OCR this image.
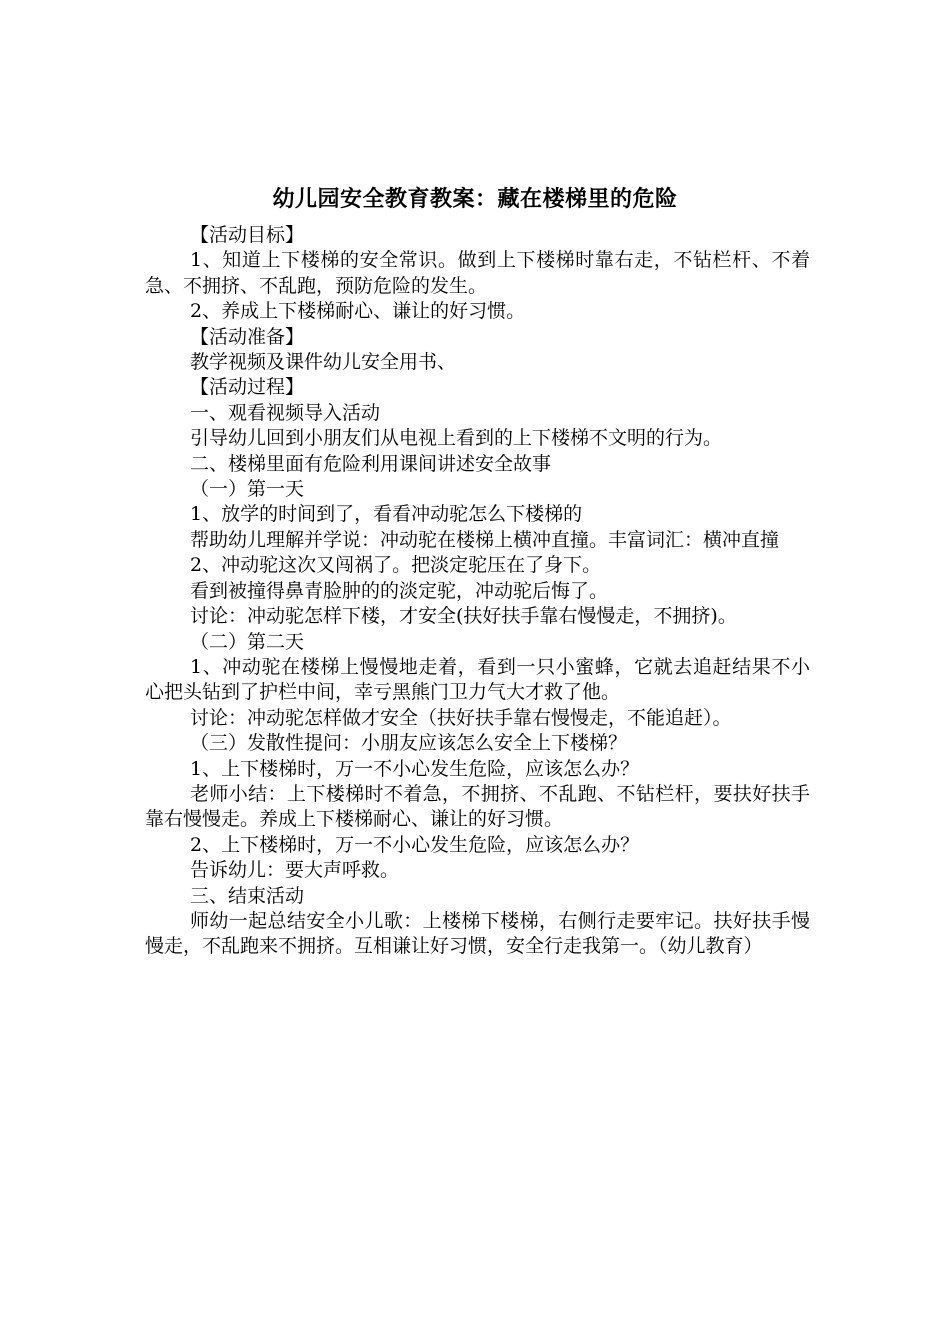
幼儿园安全教育教案：藏在楼梯里的危险

【活动目标】

1、知道上下楼梯的安全常识。做到上下楼梯时靠右走，不钻栏杆、不着急、不拥挤、不乱跑，预防危险的发生。

2、养成上下楼梯耐心、谦让的好习惯。

【活动准备】

教学视频及课件幼儿安全用书、

【活动过程】

一、观看视频导入活动

引导幼儿回到小朋友们从电视上看到的上下楼梯不文明的行为。

二、楼梯里面有危险利用课间讲述安全故事

（一）第一天

1、放学的时间到了，看看冲动驼怎么下楼梯的

帮助幼儿理解并学说：冲动驼在楼梯上横冲直撞。丰富词汇：横冲直撞

2、冲动驼这次又闯祸了。把淡定驼压在了身下。

看到被撞得鼻青脸肿的的淡定驼，冲动驼后悔了。

讨论：冲动驼怎样下楼，才安全(扶好扶手靠右慢慢走，不拥挤)。

（二）第二天

1、冲动驼在楼梯上慢慢地走着，看到一只小蜜蜂，它就去追赶结果不小心把头钻到了护栏中间，幸亏黑熊门卫力气大才救了他。

讨论：冲动驼怎样做才安全（扶好扶手靠右慢慢走，不能追赶）。

（三）发散性提问：小朋友应该怎么安全上下楼梯？

1、上下楼梯时，万一不小心发生危险，应该怎么办？

老师小结：上下楼梯时不着急，不拥挤、不乱跑、不钻栏杆，要扶好扶手靠右慢慢走。养成上下楼梯耐心、谦让的好习惯。

2、上下楼梯时，万一不小心发生危险，应该怎么办？

告诉幼儿：要大声呼救。

三、结束活动

师幼一起总结安全小儿歌：上楼梯下楼梯，右侧行走要牢记。扶好扶手慢慢走，不乱跑来不拥挤。互相谦让好习惯，安全行走我第一。（幼儿教育）
